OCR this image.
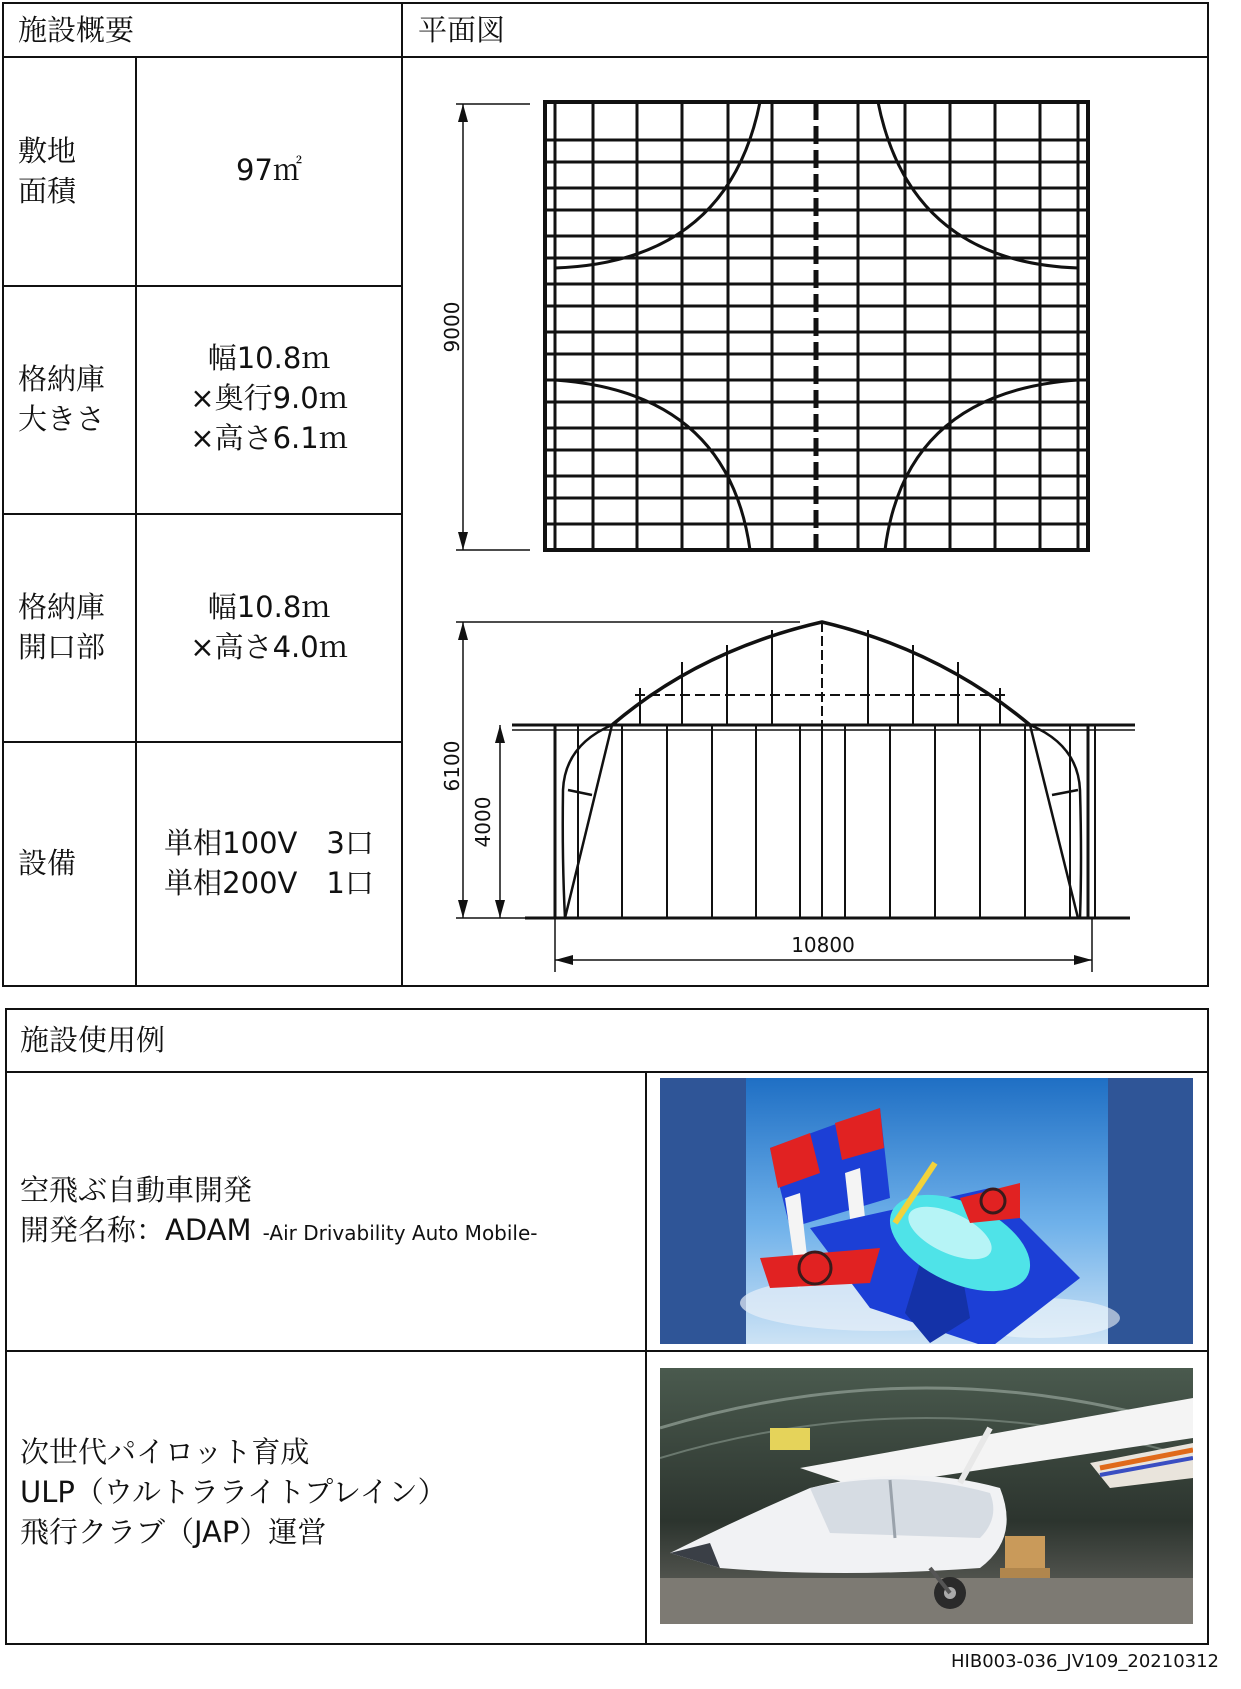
施設概要	平面図
敷地
面積
97㎡
格納庫
大きさ
幅10.8ｍ
×奥行9.0ｍ
×高さ6.1ｍ
格納庫
開口部
幅10.8ｍ
×高さ4.0ｍ
設備
単相100V　3口
単相200V　1口
9000
6100
4000
10800
施設使用例
空飛ぶ自動車開発
開発名称：ADAM -Air Drivability Auto Mobile-
次世代パイロット育成
ULP（ウルトラライトプレイン）
飛行クラブ（JAP）運営
HIB003-036_JV109_20210312
